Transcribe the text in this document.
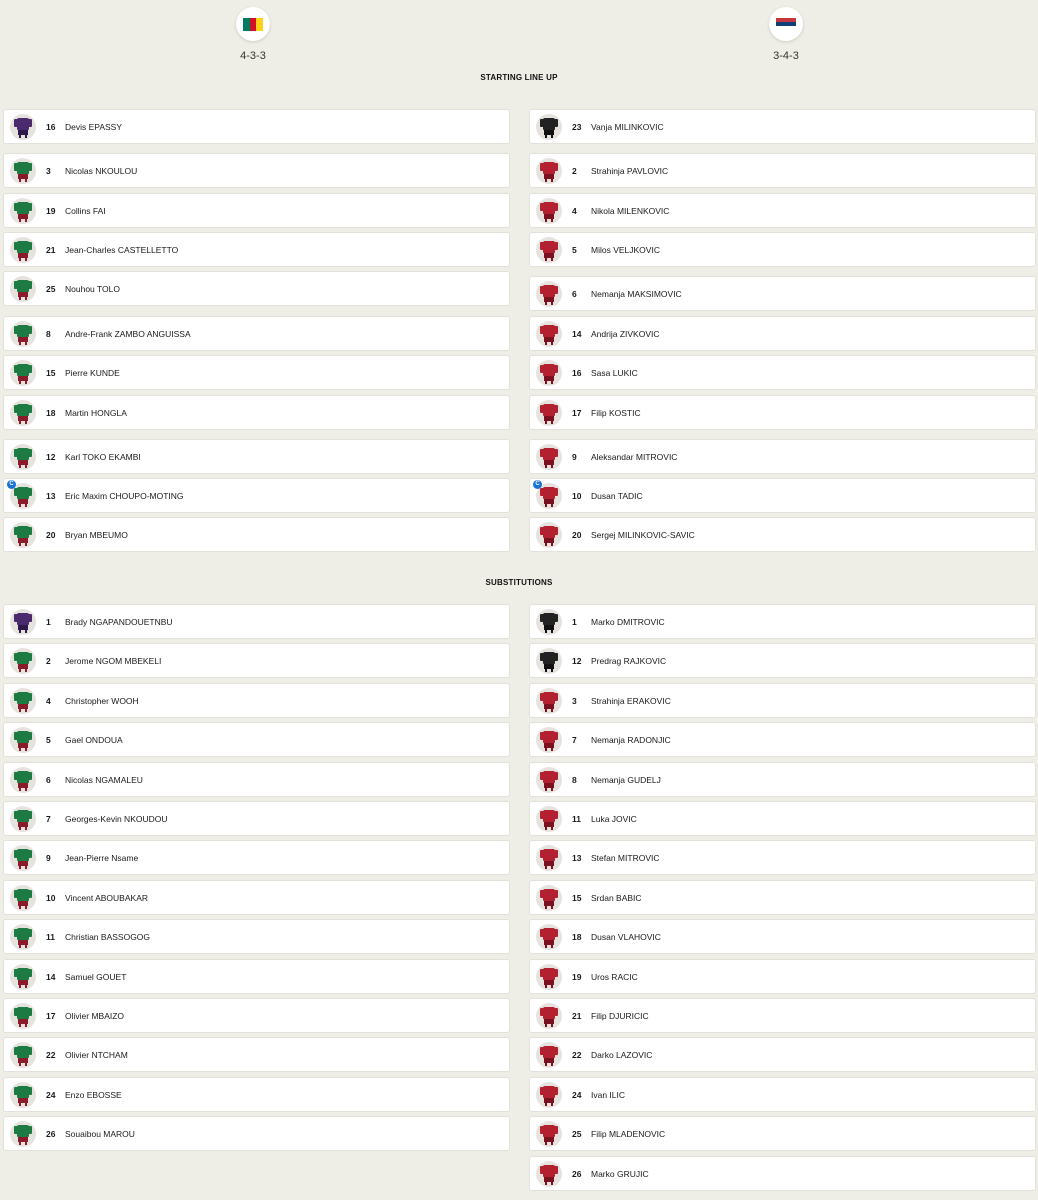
4-3-3	3-4-3
STARTING LINE UP
SUBSTITUTIONS
16	Devis EPASSY
3	Nicolas NKOULOU
19	Collins FAI
21	Jean-Charles CASTELLETTO
25	Nouhou TOLO
8	Andre-Frank ZAMBO ANGUISSA
15	Pierre KUNDE
18	Martin HONGLA
12	Karl TOKO EKAMBI
C
13	Eric Maxim CHOUPO-MOTING
20	Bryan MBEUMO
23	Vanja MILINKOVIC
2	Strahinja PAVLOVIC
4	Nikola MILENKOVIC
5	Milos VELJKOVIC
6	Nemanja MAKSIMOVIC
14	Andrija ZIVKOVIC
16	Sasa LUKIC
17	Filip KOSTIC
9	Aleksandar MITROVIC
C
10	Dusan TADIC
20	Sergej MILINKOVIC-SAVIC
1	Brady NGAPANDOUETNBU
2	Jerome NGOM MBEKELI
4	Christopher WOOH
5	Gael ONDOUA
6	Nicolas NGAMALEU
7	Georges-Kevin NKOUDOU
9	Jean-Pierre Nsame
10	Vincent ABOUBAKAR
11	Christian BASSOGOG
14	Samuel GOUET
17	Olivier MBAIZO
22	Olivier NTCHAM
24	Enzo EBOSSE
26	Souaibou MAROU
1	Marko DMITROVIC
12	Predrag RAJKOVIC
3	Strahinja ERAKOVIC
7	Nemanja RADONJIC
8	Nemanja GUDELJ
11	Luka JOVIC
13	Stefan MITROVIC
15	Srdan BABIC
18	Dusan VLAHOVIC
19	Uros RACIC
21	Filip DJURICIC
22	Darko LAZOVIC
24	Ivan ILIC
25	Filip MLADENOVIC
26	Marko GRUJIC
